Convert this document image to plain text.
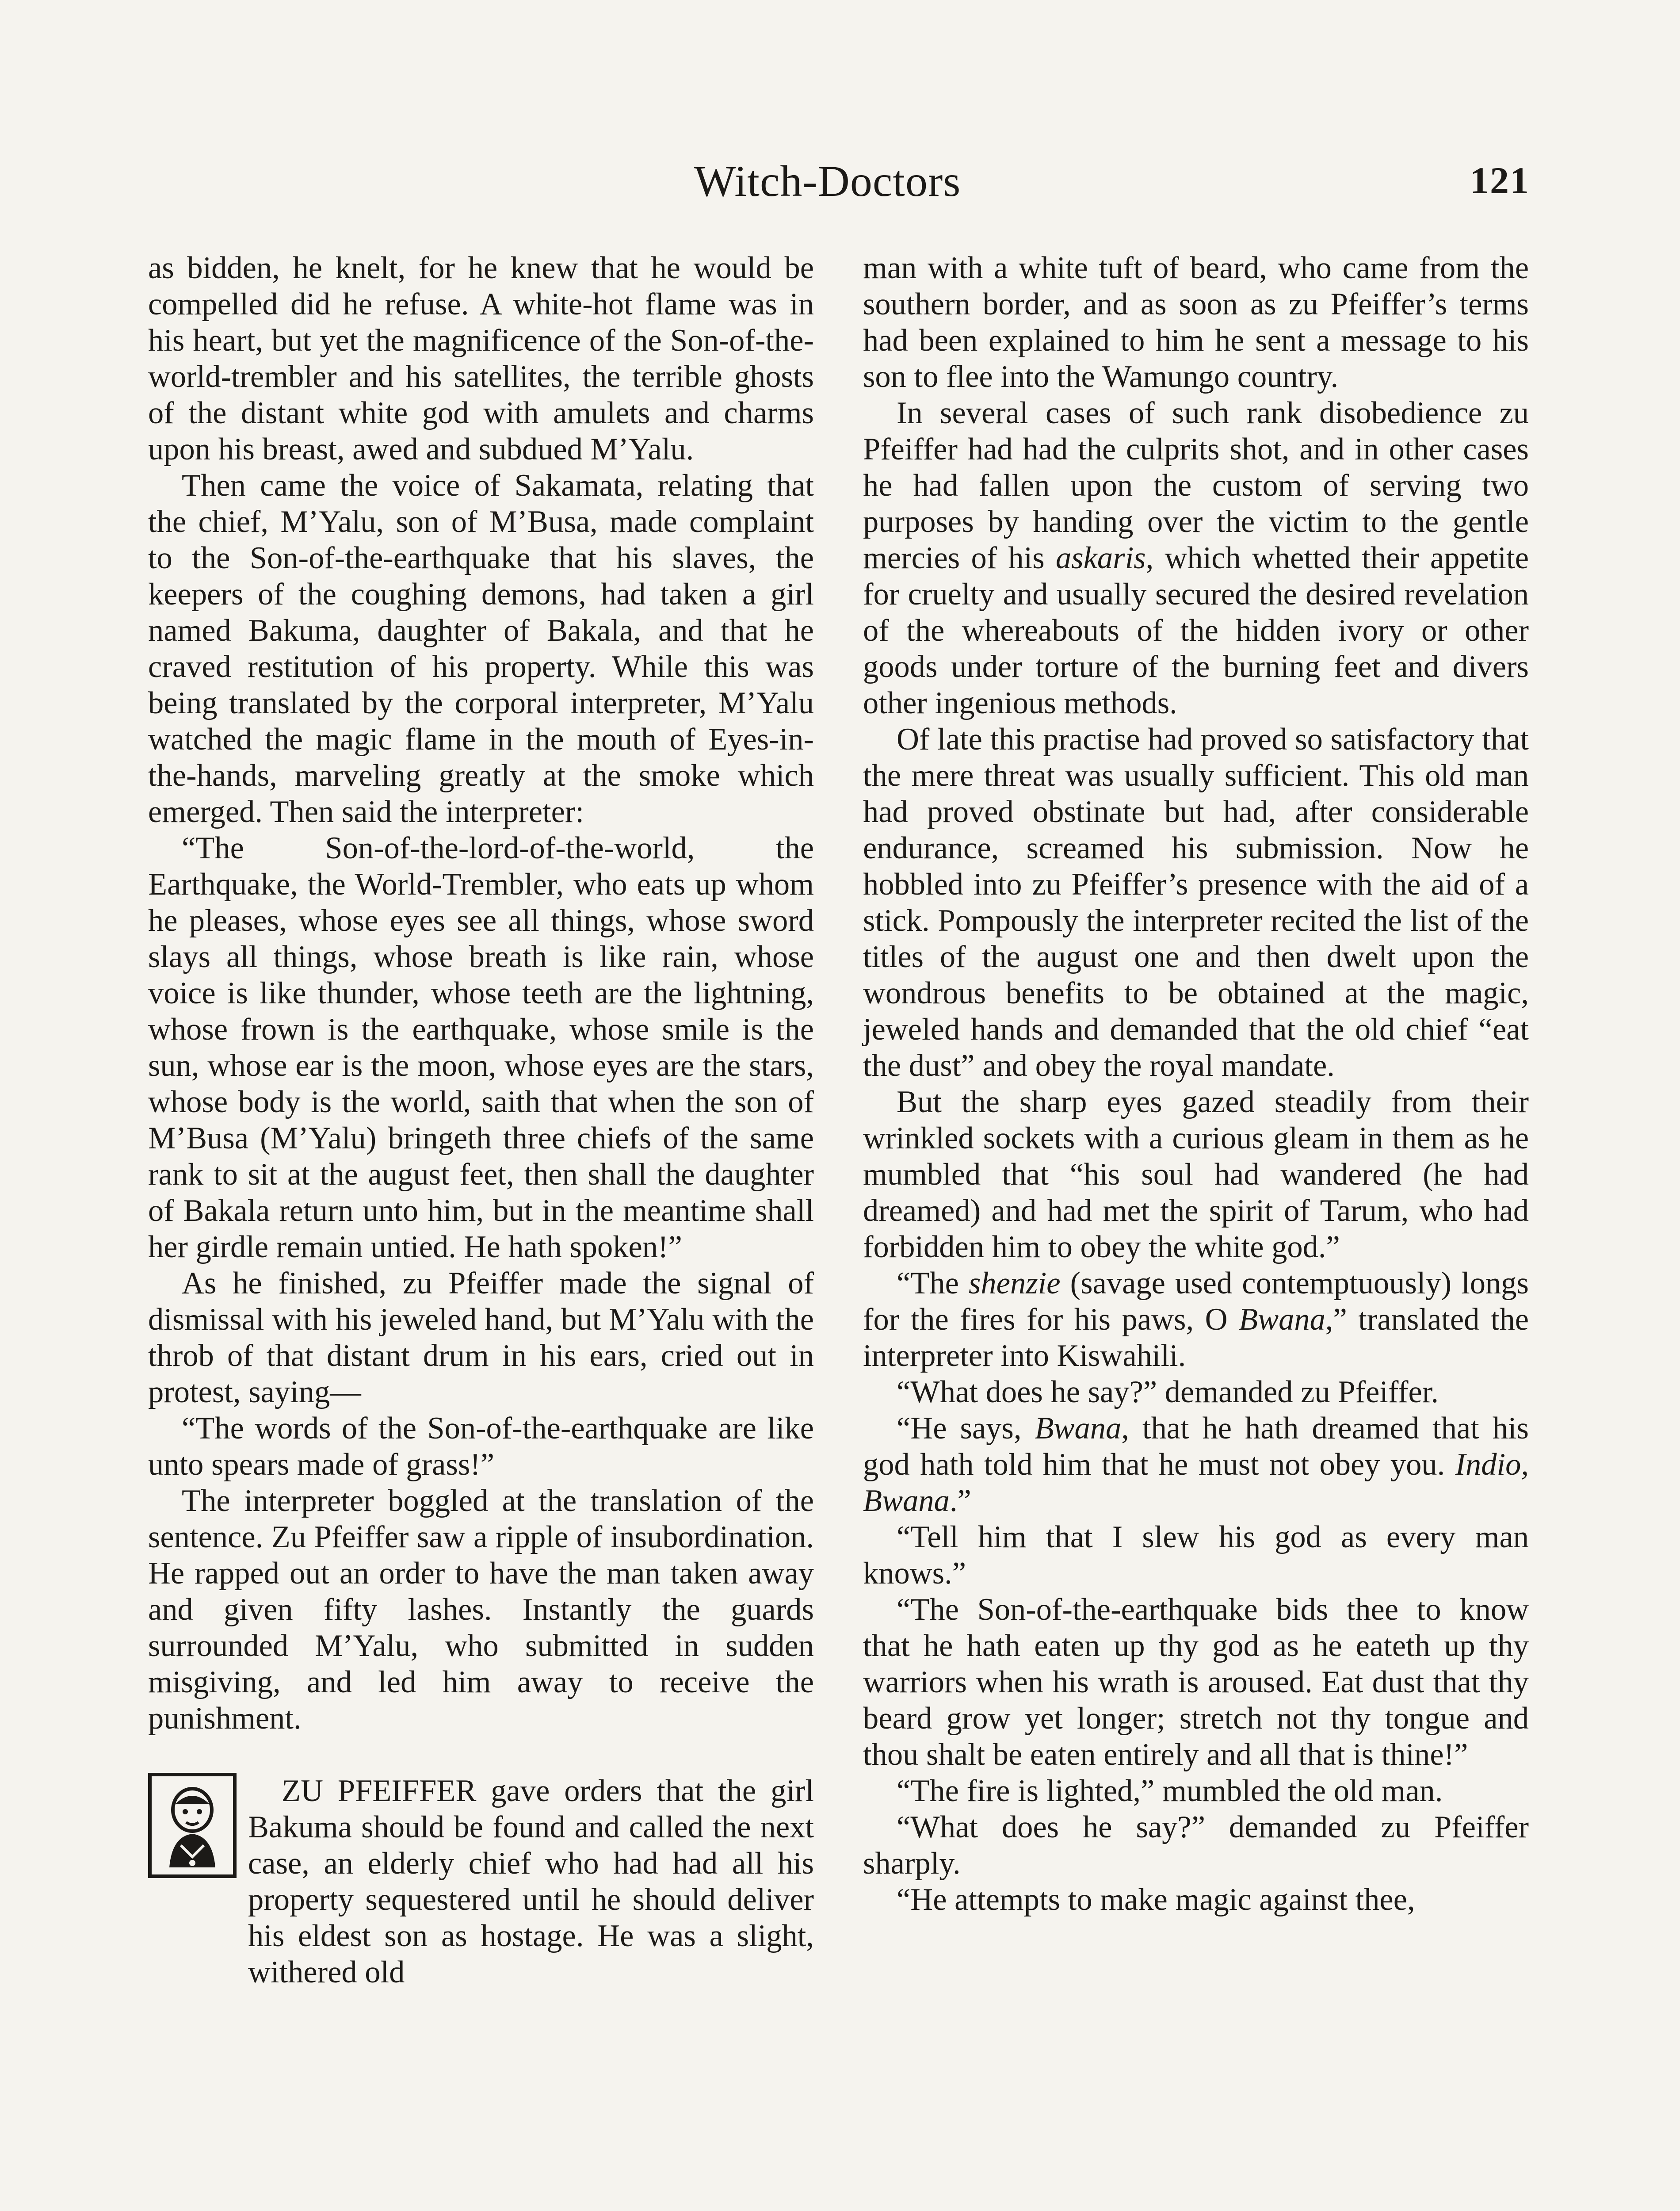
Witch-Doctors	121

as bidden, he knelt, for he knew that he would be compelled did he refuse. A white-hot flame was in his heart, but yet the magnificence of the Son-of-the-world-trembler and his satellites, the terrible ghosts of the distant white god with amulets and charms upon his breast, awed and subdued M’Yalu.

Then came the voice of Sakamata, relating that the chief, M’Yalu, son of M’Busa, made complaint to the Son-of-the-earthquake that his slaves, the keepers of the coughing demons, had taken a girl named Bakuma, daughter of Bakala, and that he craved restitution of his property. While this was being translated by the corporal interpreter, M’Yalu watched the magic flame in the mouth of Eyes-in-the-hands, marveling greatly at the smoke which emerged. Then said the interpreter:

“The Son-of-the-lord-of-the-world, the Earthquake, the World-Trembler, who eats up whom he pleases, whose eyes see all things, whose sword slays all things, whose breath is like rain, whose voice is like thunder, whose teeth are the lightning, whose frown is the earthquake, whose smile is the sun, whose ear is the moon, whose eyes are the stars, whose body is the world, saith that when the son of M’Busa (M’Yalu) bringeth three chiefs of the same rank to sit at the august feet, then shall the daughter of Bakala return unto him, but in the meantime shall her girdle remain untied. He hath spoken!”

As he finished, zu Pfeiffer made the signal of dismissal with his jeweled hand, but M’Yalu with the throb of that distant drum in his ears, cried out in protest, saying—

“The words of the Son-of-the-earthquake are like unto spears made of grass!”

The interpreter boggled at the translation of the sentence. Zu Pfeiffer saw a ripple of insubordination. He rapped out an order to have the man taken away and given fifty lashes. Instantly the guards surrounded M’Yalu, who submitted in sudden misgiving, and led him away to receive the punishment.

ZU PFEIFFER gave orders that the girl Bakuma should be found and called the next case, an elderly chief who had had all his property sequestered until he should deliver his eldest son as hostage. He was a slight, withered old

man with a white tuft of beard, who came from the southern border, and as soon as zu Pfeiffer’s terms had been explained to him he sent a message to his son to flee into the Wamungo country.

In several cases of such rank disobedience zu Pfeiffer had had the culprits shot, and in other cases he had fallen upon the custom of serving two purposes by handing over the victim to the gentle mercies of his askaris, which whetted their appetite for cruelty and usually secured the desired revelation of the whereabouts of the hidden ivory or other goods under torture of the burning feet and divers other ingenious methods.

Of late this practise had proved so satisfactory that the mere threat was usually sufficient. This old man had proved obstinate but had, after considerable endurance, screamed his submission. Now he hobbled into zu Pfeiffer’s presence with the aid of a stick. Pompously the interpreter recited the list of the titles of the august one and then dwelt upon the wondrous benefits to be obtained at the magic, jeweled hands and demanded that the old chief “eat the dust” and obey the royal mandate.

But the sharp eyes gazed steadily from their wrinkled sockets with a curious gleam in them as he mumbled that “his soul had wandered (he had dreamed) and had met the spirit of Tarum, who had forbidden him to obey the white god.”

“The shenzie (savage used contemptuously) longs for the fires for his paws, O Bwana,” translated the interpreter into Kiswahili.

“What does he say?” demanded zu Pfeiffer.

“He says, Bwana, that he hath dreamed that his god hath told him that he must not obey you. Indio, Bwana.”

“Tell him that I slew his god as every man knows.”

“The Son-of-the-earthquake bids thee to know that he hath eaten up thy god as he eateth up thy warriors when his wrath is aroused. Eat dust that thy beard grow yet longer; stretch not thy tongue and thou shalt be eaten entirely and all that is thine!”

“The fire is lighted,” mumbled the old man.

“What does he say?” demanded zu Pfeiffer sharply.

“He attempts to make magic against thee,
